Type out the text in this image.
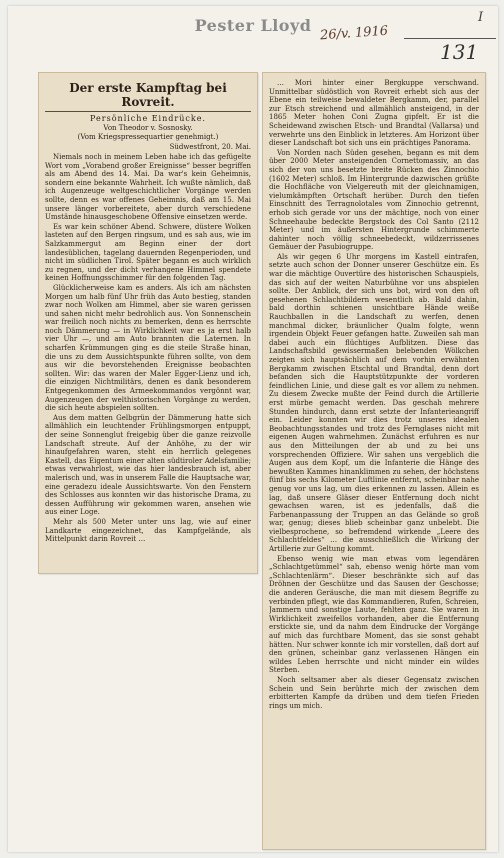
Pester Lloyd 26/v. 1916
I
131
Der erste Kampftag bei Rovreit.
Persönliche Eindrücke.
Von Theodor v. Sosnosky.
(Vom Kriegspressequartier genehmigt.)
Südwestfront, 20. Mai.

Niemals noch in meinem Leben habe ich das gefügelte Wort vom „Vorabend großer Ereignisse“ besser begriffen als am Abend des 14. Mai. Da war's kein Geheimnis, sondern eine bekannte Wahrheit. Ich wußte nämlich, daß ich Augenzeuge weltgeschichtlicher Vorgänge werden sollte, denn es war offenes Geheimnis, daß am 15. Mai unsere länger vorbereitete, aber durch verschiedene Umstände hinausgeschobene Offensive einsetzen werde.

Es war kein schöner Abend. Schwere, düstere Wolken lasteten auf den Bergen ringsum, und es sah aus, wie im Salzkammergut am Beginn einer der dort landesüblichen, tagelang dauernden Regenperioden, und nicht im südlichen Tirol. Später begann es auch wirklich zu regnen, und der dicht verhangene Himmel spendete keinen Hoffnungsschimmer für den folgenden Tag.

Glücklicherweise kam es anders. Als ich am nächsten Morgen um halb fünf Uhr früh das Auto bestieg, standen zwar noch Wolken am Himmel, aber sie waren gerissen und sahen nicht mehr bedrohlich aus. Von Sonnenschein war freilich noch nichts zu bemerken, denn es herrschte noch Dämmerung — in Wirklichkeit war es ja erst halb vier Uhr —, und am Auto brannten die Laternen. In scharfen Krümmungen ging es die steile Straße hinan, die uns zu dem Aussichtspunkte führen sollte, von dem aus wir die bevorstehenden Ereignisse beobachten sollten. Wir: das waren der Maler Egger-Lienz und ich, die einzigen Nichtmilitärs, denen es dank besonderem Entgegenkommen des Armeekommandos vergönnt war, Augenzeugen der welthistorischen Vorgänge zu werden, die sich heute abspielen sollten.

Aus dem matten Gelbgrün der Dämmerung hatte sich allmählich ein leuchtender Frühlingsmorgen entpuppt, der seine Sonnenglut freigebig über die ganze reizvolle Landschaft streute. Auf der Anhöhe, zu der wir hinaufgefahren waren, steht ein herrlich gelegenes Kastell, das Eigentum einer alten südtiroler Adelsfamilie; etwas verwahrlost, wie das hier landesbrauch ist, aber malerisch und, was in unserem Falle die Hauptsache war, eine geradezu ideale Aussichtswarte. Von den Fenstern des Schlosses aus konnten wir das historische Drama, zu dessen Aufführung wir gekommen waren, ansehen wie aus einer Loge.

Mehr als 500 Meter unter uns lag, wie auf einer Landkarte eingezeichnet, das Kampfgelände, als Mittelpunkt darin Rovreit …

… Mori hinter einer Bergkuppe verschwand. Unmittelbar südöstlich von Rovreit erhebt sich aus der Ebene ein teilweise bewaldeter Bergkamm, der, parallel zur Etsch streichend und allmählich ansteigend, in der 1865 Meter hohen Coni Zugna gipfelt. Er ist die Scheidewand zwischen Etsch- und Brandtal (Vallarsa) und verwehrte uns den Einblick in letzteres. Am Horizont über dieser Landschaft bot sich uns ein prächtiges Panorama.

Von Norden nach Süden gesehen, begann es mit dem über 2000 Meter ansteigenden Cornettomassiv, an das sich der von uns besetzte breite Rücken des Zinnochio (1602 Meter) schloß. Im Hintergrunde dazwischen grüßte die Hochfläche von Vielgereuth mit der gleichnamigen, vielumkämpften Ortschaft herüber. Durch den tiefen Einschnitt des Terragnolotales vom Zinnochio getrennt, erhob sich gerade vor uns der mächtige, noch von einer Schneehaube bedeckte Bergstock des Col Santo (2112 Meter) und im äußersten Hintergrunde schimmerte dahinter noch völlig schneebedeckt, wildzerrissenes Gemäuer der Pasubiogruppe.

Als wir gegen 6 Uhr morgens im Kastell eintrafen, setzte auch schon der Donner unserer Geschütze ein. Es war die mächtige Ouvertüre des historischen Schauspiels, das sich auf der weiten Naturbühne vor uns abspielen sollte. Der Anblick, der sich uns bot, wird von den oft gesehenen Schlachtbildern wesentlich ab. Bald dahin, bald dorthin schienen unsichtbare Hände weiße Rauchballen in die Landschaft zu werfen, denen manchmal dicker, bräunlicher Qualm folgte, wenn irgendein Objekt Feuer gefangen hatte. Zuweilen sah man dabei auch ein flüchtiges Aufblitzen. Diese das Landschaftsbild gewissermaßen belebenden Wölkchen zeigten sich hauptsächlich auf dem vorhin erwähnten Bergkamm zwischen Etschtal und Brandtal, denn dort befanden sich die Hauptstützpunkte der vorderen feindlichen Linie, und diese galt es vor allem zu nehmen. Zu diesem Zwecke mußte der Feind durch die Artillerie erst mürbe gemacht werden. Das geschah mehrere Stunden hindurch, dann erst setzte der Infanterieangriff ein. Leider konnten wir dies trotz unseres idealen Beobachtungsstandes und trotz des Fernglases nicht mit eigenen Augen wahrnehmen. Zunächst erfuhren es nur aus den Mitteilungen der ab und zu bei uns vorsprechenden Offiziere. Wir sahen uns vergeblich die Augen aus dem Kopf, um die Infanterie die Hänge des bewußten Kammes hinanklimmen zu sehen, der höchstens fünf bis sechs Kilometer Luftlinie entfernt, scheinbar nahe genug vor uns lag, um dies erkennen zu lassen. Allein es lag, daß unsere Gläser dieser Entfernung doch nicht gewachsen waren, ist es jedenfalls, daß die Farbenanpassung der Truppen an das Gelände so groß war, genug; dieses blieb scheinbar ganz unbelebt. Die vielbesprochene, so befremdend wirkende „Leere des Schlachtfeldes“ … die ausschließlich die Wirkung der Artillerie zur Geltung kommt.

Ebenso wenig wie man etwas vom legendären „Schlachtgetümmel“ sah, ebenso wenig hörte man vom „Schlachtenlärm“. Dieser beschränkte sich auf das Dröhnen der Geschütze und das Sausen der Geschosse; die anderen Geräusche, die man mit diesem Begriffe zu verbinden pflegt, wie das Kommandieren, Rufen, Schreien, Jammern und sonstige Laute, fehlten ganz. Sie waren in Wirklichkeit zweifellos vorhanden, aber die Entfernung erstickte sie, und da nahm dem Eindrucke der Vorgänge auf mich das furchtbare Moment, das sie sonst gehabt hätten. Nur schwer konnte ich mir vorstellen, daß dort auf den grünen, scheinbar ganz verlassenen Hängen ein wildes Leben herrschte und nicht minder ein wildes Sterben.

Noch seltsamer aber als dieser Gegensatz zwischen Schein und Sein berührte mich der zwischen dem erbitterten Kampfe da drüben und dem tiefen Frieden rings um mich.
